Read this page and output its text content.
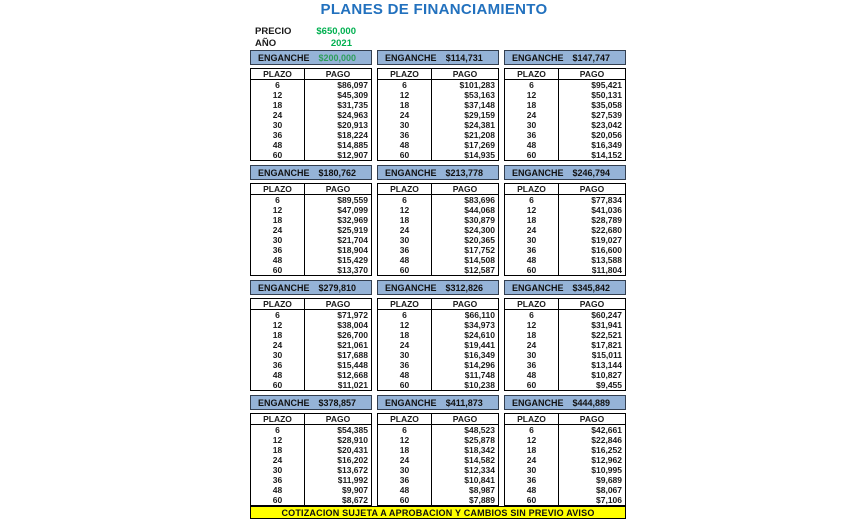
PLANES DE FINANCIAMIENTO
PRECIO	$650,000
AÑO	2021
ENGANCHE $200,000
PLAZO	PAGO
6	$86,097
12	$45,309
18	$31,735
24	$24,963
30	$20,913
36	$18,224
48	$14,885
60	$12,907
ENGANCHE	$114,731
PLAZO	PAGO
6	$101,283
12	$53,163
18	$37,148
24	$29,159
30	$24,381
36	$21,208
48	$17,269
60	$14,935
ENGANCHE $147,747
PLAZO	PAGO
6	$95,421
12	$50,131
18	$35,058
24	$27,539
30	$23,042
36	$20,056
48	$16,349
60	$14,152
ENGANCHE $180,762
PLAZO	PAGO
6	$89,559
12	$47,099
18	$32,969
24	$25,919
30	$21,704
36	$18,904
48	$15,429
60	$13,370
ENGANCHE $213,778
PLAZO	PAGO
6	$83,696
12	$44,068
18	$30,879
24	$24,300
30	$20,365
36	$17,752
48	$14,508
60	$12,587
ENGANCHE $246,794
PLAZO	PAGO
6	$77,834
12	$41,036
18	$28,789
24	$22,680
30	$19,027
36	$16,600
48	$13,588
60	$11,804
ENGANCHE $279,810
PLAZO	PAGO
6	$71,972
12	$38,004
18	$26,700
24	$21,061
30	$17,688
36	$15,448
48	$12,668
60	$11,021
ENGANCHE $312,826
PLAZO	PAGO
6	$66,110
12	$34,973
18	$24,610
24	$19,441
30	$16,349
36	$14,296
48	$11,748
60	$10,238
ENGANCHE $345,842
PLAZO	PAGO
6	$60,247
12	$31,941
18	$22,521
24	$17,821
30	$15,011
36	$13,144
48	$10,827
60	$9,455
ENGANCHE $378,857
PLAZO	PAGO
6	$54,385
12	$28,910
18	$20,431
24	$16,202
30	$13,672
36	$11,992
48	$9,907
60	$8,672
ENGANCHE	$411,873
PLAZO	PAGO
6	$48,523
12	$25,878
18	$18,342
24	$14,582
30	$12,334
36	$10,841
48	$8,987
60	$7,889
ENGANCHE $444,889
PLAZO	PAGO
6	$42,661
12	$22,846
18	$16,252
24	$12,962
30	$10,995
36	$9,689
48	$8,067
60	$7,106
COTIZACION SUJETA A APROBACION Y CAMBIOS SIN PREVIO AVISO
